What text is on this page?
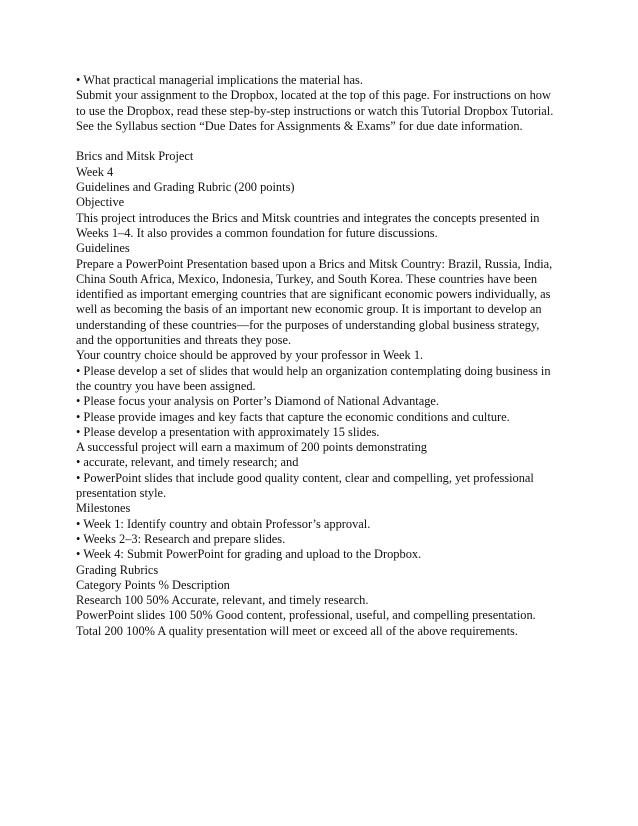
• What practical managerial implications the material has.
Submit your assignment to the Dropbox, located at the top of this page. For instructions on how
to use the Dropbox, read these step-by-step instructions or watch this Tutorial Dropbox Tutorial.
See the Syllabus section “Due Dates for Assignments & Exams” for due date information.
Brics and Mitsk Project
Week 4
Guidelines and Grading Rubric (200 points)
Objective
This project introduces the Brics and Mitsk countries and integrates the concepts presented in
Weeks 1–4. It also provides a common foundation for future discussions.
Guidelines
Prepare a PowerPoint Presentation based upon a Brics and Mitsk Country: Brazil, Russia, India,
China South Africa, Mexico, Indonesia, Turkey, and South Korea. These countries have been
identified as important emerging countries that are significant economic powers individually, as
well as becoming the basis of an important new economic group. It is important to develop an
understanding of these countries—for the purposes of understanding global business strategy,
and the opportunities and threats they pose.
Your country choice should be approved by your professor in Week 1.
• Please develop a set of slides that would help an organization contemplating doing business in
the country you have been assigned.
• Please focus your analysis on Porter’s Diamond of National Advantage.
• Please provide images and key facts that capture the economic conditions and culture.
• Please develop a presentation with approximately 15 slides.
A successful project will earn a maximum of 200 points demonstrating
• accurate, relevant, and timely research; and
• PowerPoint slides that include good quality content, clear and compelling, yet professional
presentation style.
Milestones
• Week 1: Identify country and obtain Professor’s approval.
• Weeks 2–3: Research and prepare slides.
• Week 4: Submit PowerPoint for grading and upload to the Dropbox.
Grading Rubrics
Category Points % Description
Research 100 50% Accurate, relevant, and timely research.
PowerPoint slides 100 50% Good content, professional, useful, and compelling presentation.
Total 200 100% A quality presentation will meet or exceed all of the above requirements.
